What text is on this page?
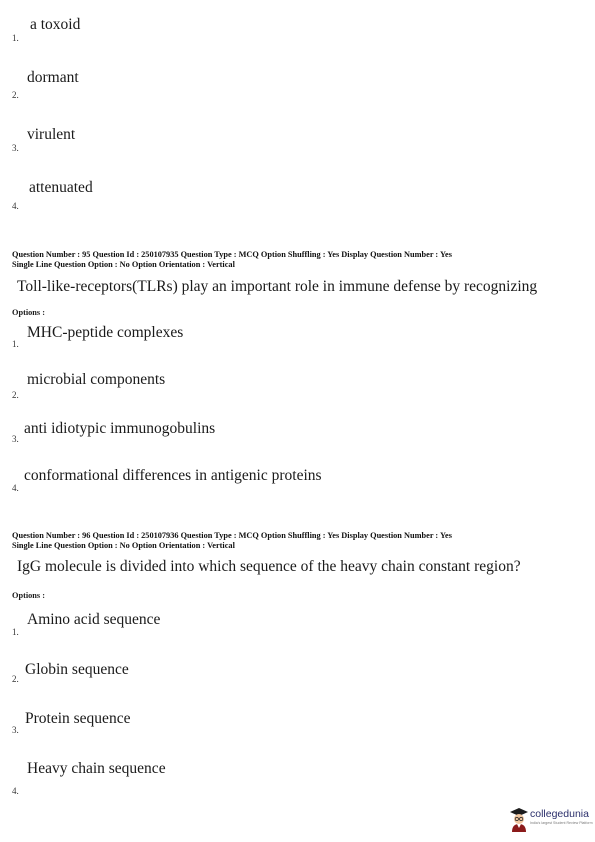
a toxoid
1.
dormant
2.
virulent
3.
attenuated
4.
Question Number : 95 Question Id : 250107935 Question Type : MCQ Option Shuffling : Yes Display Question Number : Yes
Single Line Question Option : No Option Orientation : Vertical
Toll-like-receptors(TLRs) play an important role in immune defense by recognizing
Options :
MHC-peptide complexes
1.
microbial components
2.
anti idiotypic immunogobulins
3.
conformational differences in antigenic proteins
4.
Question Number : 96 Question Id : 250107936 Question Type : MCQ Option Shuffling : Yes Display Question Number : Yes
Single Line Question Option : No Option Orientation : Vertical
IgG molecule is divided into which sequence of the heavy chain constant region?
Options :
Amino acid sequence
1.
Globin sequence
2.
Protein sequence
3.
Heavy chain sequence
4.
collegedunia
India's largest Student Review Platform
